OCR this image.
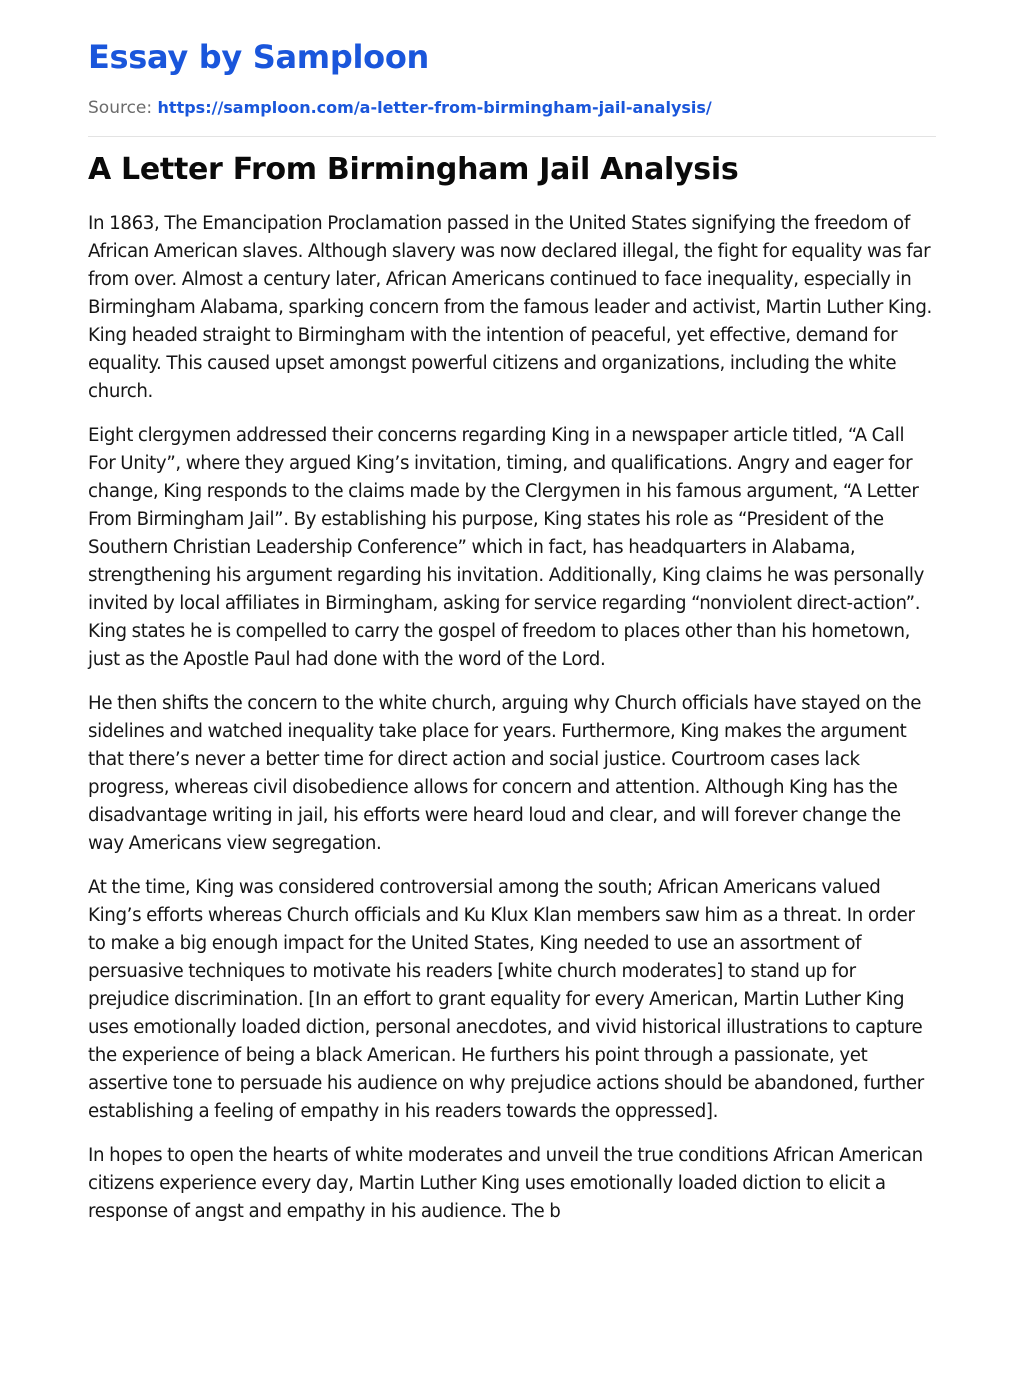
Essay by Samploon
Source: https://samploon.com/a-letter-from-birmingham-jail-analysis/
A Letter From Birmingham Jail Analysis

In 1863, The Emancipation Proclamation passed in the United States signifying the freedom of African American slaves. Although slavery was now declared illegal, the fight for equality was far from over. Almost a century later, African Americans continued to face inequality, especially in Birmingham Alabama, sparking concern from the famous leader and activist, Martin Luther King. King headed straight to Birmingham with the intention of peaceful, yet effective, demand for equality. This caused upset amongst powerful citizens and organizations, including the white church.

Eight clergymen addressed their concerns regarding King in a newspaper article titled, “A Call For Unity”, where they argued King’s invitation, timing, and qualifications. Angry and eager for change, King responds to the claims made by the Clergymen in his famous argument, “A Letter From Birmingham Jail”. By establishing his purpose, King states his role as “President of the Southern Christian Leadership Conference” which in fact, has headquarters in Alabama, strengthening his argument regarding his invitation. Additionally, King claims he was personally invited by local affiliates in Birmingham, asking for service regarding “nonviolent direct-action”. King states he is compelled to carry the gospel of freedom to places other than his hometown, just as the Apostle Paul had done with the word of the Lord.

He then shifts the concern to the white church, arguing why Church officials have stayed on the sidelines and watched inequality take place for years. Furthermore, King makes the argument that there’s never a better time for direct action and social justice. Courtroom cases lack progress, whereas civil disobedience allows for concern and attention. Although King has the disadvantage writing in jail, his efforts were heard loud and clear, and will forever change the way Americans view segregation.

At the time, King was considered controversial among the south; African Americans valued King’s efforts whereas Church officials and Ku Klux Klan members saw him as a threat. In order to make a big enough impact for the United States, King needed to use an assortment of persuasive techniques to motivate his readers [white church moderates] to stand up for prejudice discrimination. [In an effort to grant equality for every American, Martin Luther King uses emotionally loaded diction, personal anecdotes, and vivid historical illustrations to capture the experience of being a black American. He furthers his point through a passionate, yet assertive tone to persuade his audience on why prejudice actions should be abandoned, further establishing a feeling of empathy in his readers towards the oppressed].

In hopes to open the hearts of white moderates and unveil the true conditions African American citizens experience every day, Martin Luther King uses emotionally loaded diction to elicit a response of angst and empathy in his audience. The b
